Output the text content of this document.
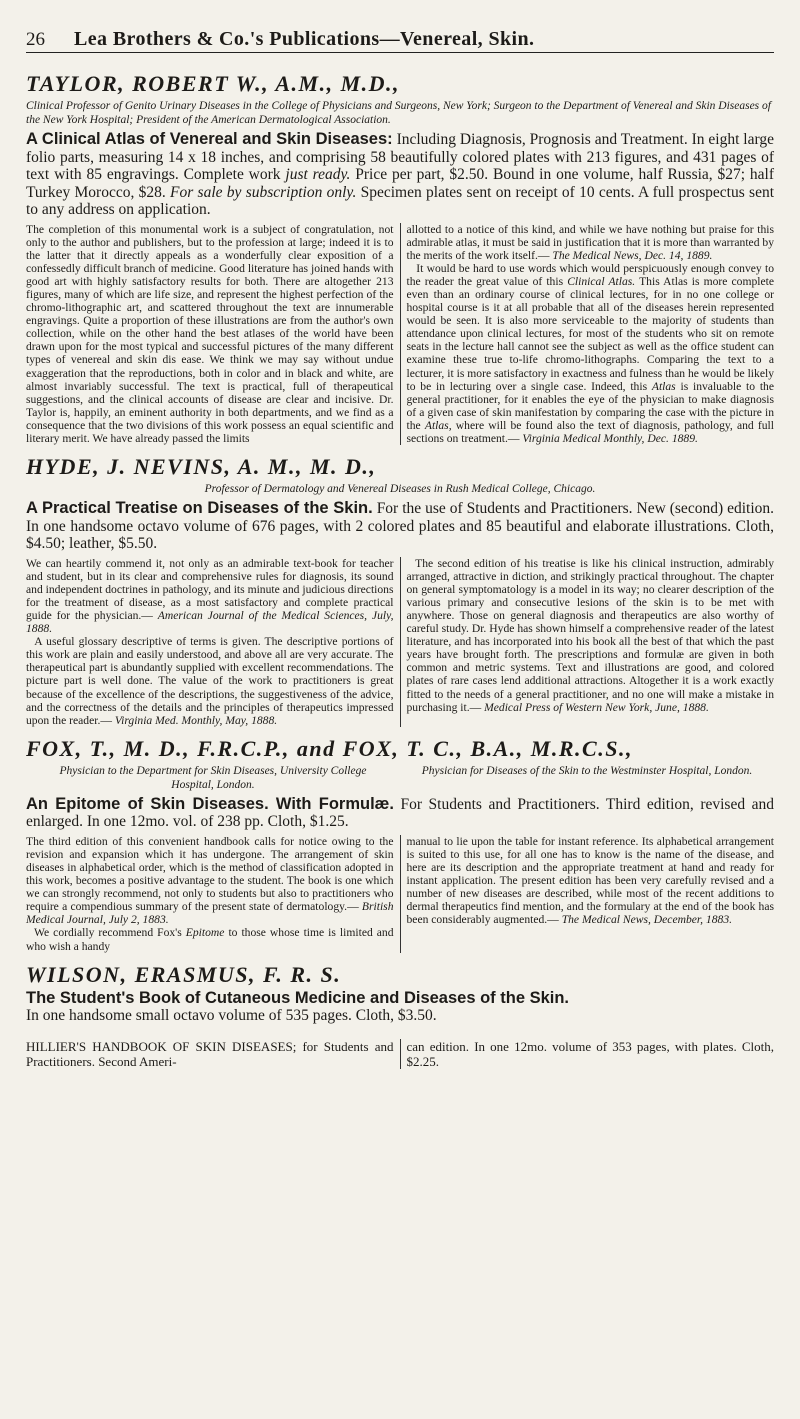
26	Lea Brothers & Co.'s Publications—Venereal, Skin.
TAYLOR, ROBERT W., A.M., M.D.,

Clinical Professor of Genito Urinary Diseases in the College of Physicians and Surgeons, New York; Surgeon to the Department of Venereal and Skin Diseases of the New York Hospital; President of the American Dermatological Association.

A Clinical Atlas of Venereal and Skin Diseases: Including Diagnosis, Prognosis and Treatment. In eight large folio parts, measuring 14 x 18 inches, and comprising 58 beautifully colored plates with 213 figures, and 431 pages of text with 85 engravings. Complete work just ready. Price per part, $2.50. Bound in one volume, half Russia, $27; half Turkey Morocco, $28. For sale by subscription only. Specimen plates sent on receipt of 10 cents. A full prospectus sent to any address on application.

The completion of this monumental work is a subject of congratulation, not only to the author and publishers, but to the profession at large; indeed it is to the latter that it directly appeals as a wonderfully clear exposition of a confessedly difficult branch of medicine. Good literature has joined hands with good art with highly satisfactory results for both. There are altogether 213 figures, many of which are life size, and represent the highest perfection of the chromo-lithographic art, and scattered throughout the text are innumerable engravings. Quite a proportion of these illustrations are from the author's own collection, while on the other hand the best atlases of the world have been drawn upon for the most typical and successful pictures of the many different types of venereal and skin dis ease. We think we may say without undue exaggeration that the reproductions, both in color and in black and white, are almost invariably successful. The text is practical, full of therapeutical suggestions, and the clinical accounts of disease are clear and incisive. Dr. Taylor is, happily, an eminent authority in both departments, and we find as a consequence that the two divisions of this work possess an equal scientific and literary merit. We have already passed the limits

allotted to a notice of this kind, and while we have nothing but praise for this admirable atlas, it must be said in justification that it is more than warranted by the merits of the work itself.— The Medical News, Dec. 14, 1889.

It would be hard to use words which would perspicuously enough convey to the reader the great value of this Clinical Atlas. This Atlas is more complete even than an ordinary course of clinical lectures, for in no one college or hospital course is it at all probable that all of the diseases herein represented would be seen. It is also more serviceable to the majority of students than attendance upon clinical lectures, for most of the students who sit on remote seats in the lecture hall cannot see the subject as well as the office student can examine these true to-life chromo-lithographs. Comparing the text to a lecturer, it is more satisfactory in exactness and fulness than he would be likely to be in lecturing over a single case. Indeed, this Atlas is invaluable to the general practitioner, for it enables the eye of the physician to make diagnosis of a given case of skin manifestation by comparing the case with the picture in the Atlas, where will be found also the text of diagnosis, pathology, and full sections on treatment.— Virginia Medical Monthly, Dec. 1889.

HYDE, J. NEVINS, A. M., M. D.,

Professor of Dermatology and Venereal Diseases in Rush Medical College, Chicago.

A Practical Treatise on Diseases of the Skin. For the use of Students and Practitioners. New (second) edition. In one handsome octavo volume of 676 pages, with 2 colored plates and 85 beautiful and elaborate illustrations. Cloth, $4.50; leather, $5.50.

We can heartily commend it, not only as an admirable text-book for teacher and student, but in its clear and comprehensive rules for diagnosis, its sound and independent doctrines in pathology, and its minute and judicious directions for the treatment of disease, as a most satisfactory and complete practical guide for the physician.— American Journal of the Medical Sciences, July, 1888.

A useful glossary descriptive of terms is given. The descriptive portions of this work are plain and easily understood, and above all are very accurate. The therapeutical part is abundantly supplied with excellent recommendations. The picture part is well done. The value of the work to practitioners is great because of the excellence of the descriptions, the suggestiveness of the advice, and the correctness of the details and the principles of therapeutics impressed upon the reader.— Virginia Med. Monthly, May, 1888.

The second edition of his treatise is like his clinical instruction, admirably arranged, attractive in diction, and strikingly practical throughout. The chapter on general symptomatology is a model in its way; no clearer description of the various primary and consecutive lesions of the skin is to be met with anywhere. Those on general diagnosis and therapeutics are also worthy of careful study. Dr. Hyde has shown himself a comprehensive reader of the latest literature, and has incorporated into his book all the best of that which the past years have brought forth. The prescriptions and formulæ are given in both common and metric systems. Text and illustrations are good, and colored plates of rare cases lend additional attractions. Altogether it is a work exactly fitted to the needs of a general practitioner, and no one will make a mistake in purchasing it.— Medical Press of Western New York, June, 1888.

FOX, T., M. D., F.R.C.P., and FOX, T. C., B.A., M.R.C.S.,

Physician to the Department for Skin Diseases, University College Hospital, London.

Physician for Diseases of the Skin to the Westminster Hospital, London.

An Epitome of Skin Diseases. With Formulæ. For Students and Practitioners. Third edition, revised and enlarged. In one 12mo. vol. of 238 pp. Cloth, $1.25.

The third edition of this convenient handbook calls for notice owing to the revision and expansion which it has undergone. The arrangement of skin diseases in alphabetical order, which is the method of classification adopted in this work, becomes a positive advantage to the student. The book is one which we can strongly recommend, not only to students but also to practitioners who require a compendious summary of the present state of dermatology.— British Medical Journal, July 2, 1883.

We cordially recommend Fox's Epitome to those whose time is limited and who wish a handy

manual to lie upon the table for instant reference. Its alphabetical arrangement is suited to this use, for all one has to know is the name of the disease, and here are its description and the appropriate treatment at hand and ready for instant application. The present edition has been very carefully revised and a number of new diseases are described, while most of the recent additions to dermal therapeutics find mention, and the formulary at the end of the book has been considerably augmented.— The Medical News, December, 1883.

WILSON, ERASMUS, F. R. S.

The Student's Book of Cutaneous Medicine and Diseases of the Skin.
In one handsome small octavo volume of 535 pages. Cloth, $3.50.

HILLIER'S HANDBOOK OF SKIN DISEASES; for Students and Practitioners. Second Ameri-
can edition. In one 12mo. volume of 353 pages, with plates. Cloth, $2.25.
